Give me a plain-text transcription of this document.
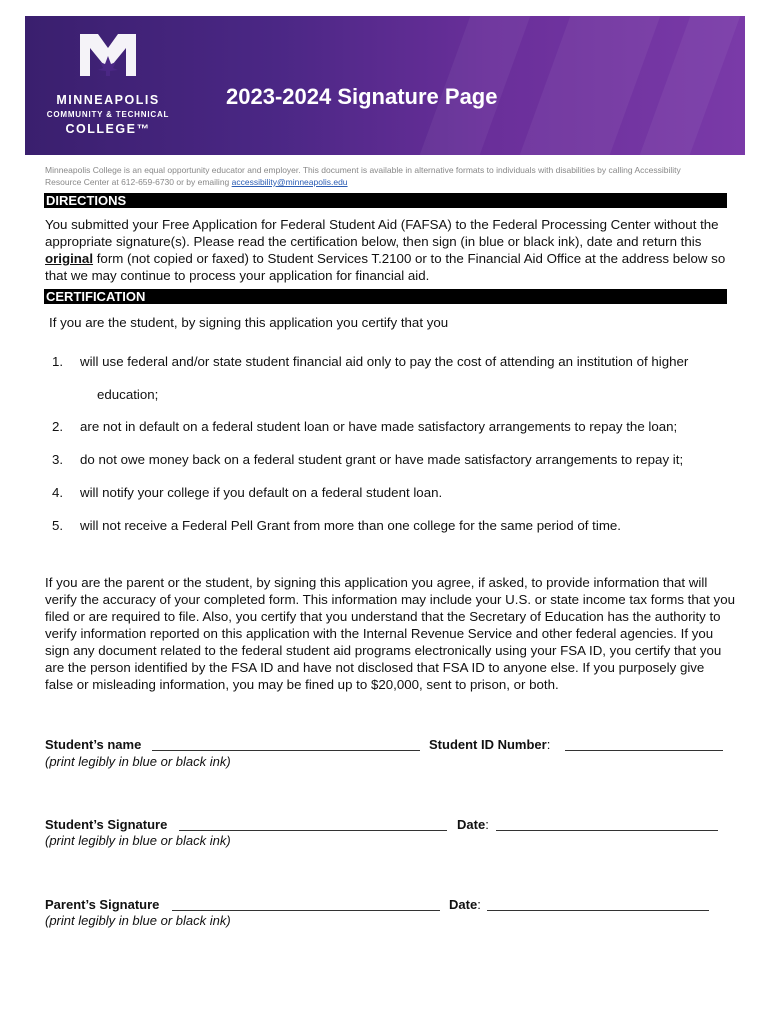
MINNEAPOLIS
COMMUNITY & TECHNICAL
COLLEGE™
2023-2024 Signature Page
Minneapolis College is an equal opportunity educator and employer. This document is available in alternative formats to individuals with disabilities by calling Accessibility Resource Center at 612-659-6730 or by emailing accessibility@minneapolis.edu
DIRECTIONS
You submitted your Free Application for Federal Student Aid (FAFSA) to the Federal Processing Center without the appropriate signature(s). Please read the certification below, then sign (in blue or black ink), date and return this original form (not copied or faxed) to Student Services T.2100 or to the Financial Aid Office at the address below so that we may continue to process your application for financial aid.
CERTIFICATION
If you are the student, by signing this application you certify that you
1. will use federal and/or state student financial aid only to pay the cost of attending an institution of higher
education;
2. are not in default on a federal student loan or have made satisfactory arrangements to repay the loan;
3. do not owe money back on a federal student grant or have made satisfactory arrangements to repay it;
4. will notify your college if you default on a federal student loan.
5. will not receive a Federal Pell Grant from more than one college for the same period of time.
If you are the parent or the student, by signing this application you agree, if asked, to provide information that will verify the accuracy of your completed form. This information may include your U.S. or state income tax forms that you filed or are required to file. Also, you certify that you understand that the Secretary of Education has the authority to verify information reported on this application with the Internal Revenue Service and other federal agencies. If you sign any document related to the federal student aid programs electronically using your FSA ID, you certify that you are the person identified by the FSA ID and have not disclosed that FSA ID to anyone else. If you purposely give false or misleading information, you may be fined up to $20,000, sent to prison, or both.
Student’s name	Student ID Number:
(print legibly in blue or black ink)
Student’s Signature	Date:
(print legibly in blue or black ink)
Parent’s Signature	Date:
(print legibly in blue or black ink)
